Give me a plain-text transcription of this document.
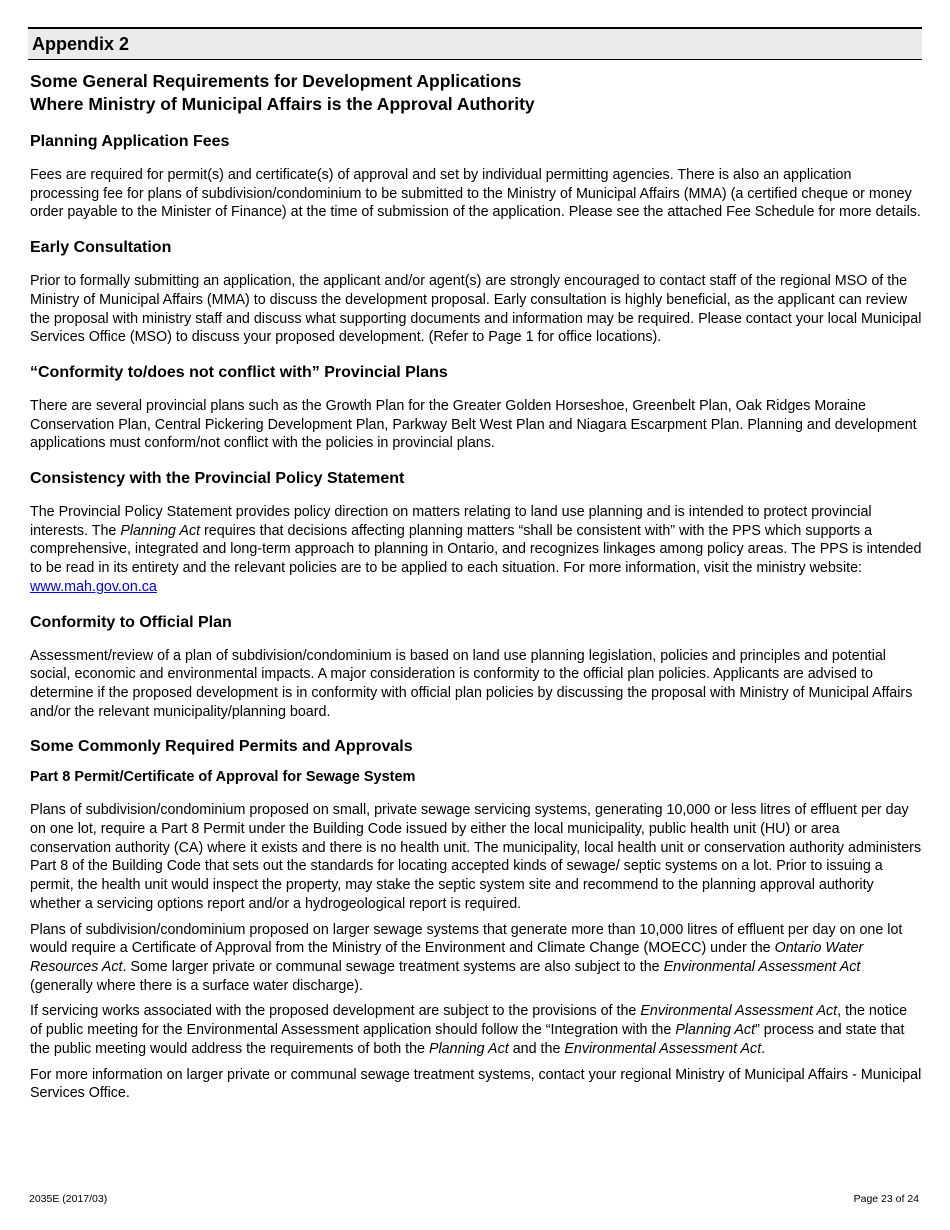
Appendix 2
Some General Requirements for Development Applications
Where Ministry of Municipal Affairs is the Approval Authority
Planning Application Fees

Fees are required for permit(s) and certificate(s) of approval and set by individual permitting agencies. There is also an application processing fee for plans of subdivision/condominium to be submitted to the Ministry of Municipal Affairs (MMA) (a certified cheque or money order payable to the Minister of Finance) at the time of submission of the application. Please see the attached Fee Schedule for more details.

Early Consultation

Prior to formally submitting an application, the applicant and/or agent(s) are strongly encouraged to contact staff of the regional MSO of the Ministry of Municipal Affairs (MMA) to discuss the development proposal. Early consultation is highly beneficial, as the applicant can review the proposal with ministry staff and discuss what supporting documents and information may be required. Please contact your local Municipal Services Office (MSO) to discuss your proposed development. (Refer to Page 1 for office locations).

“Conformity to/does not conflict with” Provincial Plans

There are several provincial plans such as the Growth Plan for the Greater Golden Horseshoe, Greenbelt Plan, Oak Ridges Moraine Conservation Plan, Central Pickering Development Plan, Parkway Belt West Plan and Niagara Escarpment Plan. Planning and development applications must conform/not conflict with the policies in provincial plans.

Consistency with the Provincial Policy Statement

The Provincial Policy Statement provides policy direction on matters relating to land use planning and is intended to protect provincial interests. The Planning Act requires that decisions affecting planning matters “shall be consistent with” with the PPS which supports a comprehensive, integrated and long-term approach to planning in Ontario, and recognizes linkages among policy areas. The PPS is intended to be read in its entirety and the relevant policies are to be applied to each situation. For more information, visit the ministry website: www.mah.gov.on.ca

Conformity to Official Plan

Assessment/review of a plan of subdivision/condominium is based on land use planning legislation, policies and principles and potential social, economic and environmental impacts. A major consideration is conformity to the official plan policies. Applicants are advised to determine if the proposed development is in conformity with official plan policies by discussing the proposal with Ministry of Municipal Affairs and/or the relevant municipality/planning board.

Some Commonly Required Permits and Approvals
Part 8 Permit/Certificate of Approval for Sewage System

Plans of subdivision/condominium proposed on small, private sewage servicing systems, generating 10,000 or less litres of effluent per day on one lot, require a Part 8 Permit under the Building Code issued by either the local municipality, public health unit (HU) or area conservation authority (CA) where it exists and there is no health unit. The municipality, local health unit or conservation authority administers Part 8 of the Building Code that sets out the standards for locating accepted kinds of sewage/ septic systems on a lot. Prior to issuing a permit, the health unit would inspect the property, may stake the septic system site and recommend to the planning approval authority whether a servicing options report and/or a hydrogeological report is required.

Plans of subdivision/condominium proposed on larger sewage systems that generate more than 10,000 litres of effluent per day on one lot would require a Certificate of Approval from the Ministry of the Environment and Climate Change (MOECC) under the Ontario Water Resources Act. Some larger private or communal sewage treatment systems are also subject to the Environmental Assessment Act (generally where there is a surface water discharge).

If servicing works associated with the proposed development are subject to the provisions of the Environmental Assessment Act, the notice of public meeting for the Environmental Assessment application should follow the “Integration with the Planning Act” process and state that the public meeting would address the requirements of both the Planning Act and the Environmental Assessment Act.

For more information on larger private or communal sewage treatment systems, contact your regional Ministry of Municipal Affairs - Municipal Services Office.

2035E (2017/03)	Page 23 of 24
